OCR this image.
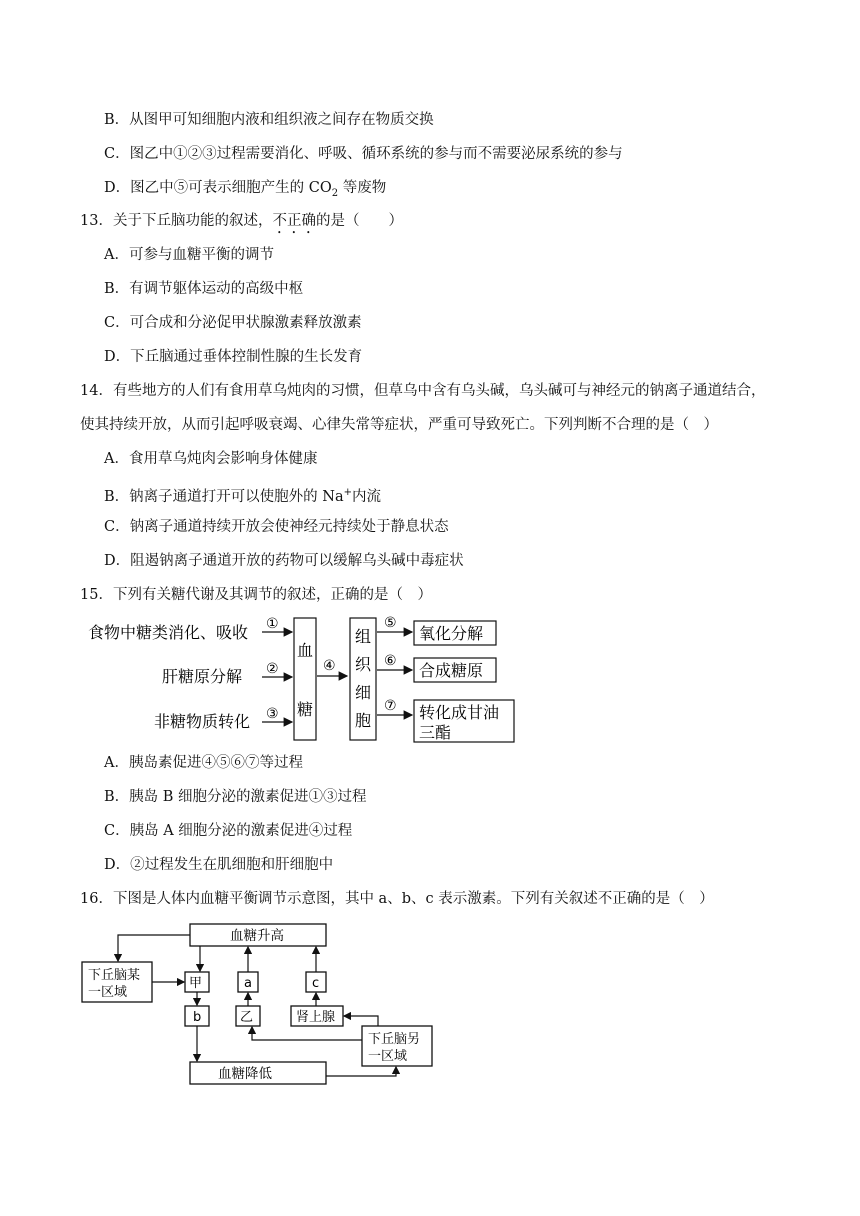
B．从图甲可知细胞内液和组织液之间存在物质交换
C．图乙中①②③过程需要消化、呼吸、循环系统的参与而不需要泌尿系统的参与
D．图乙中⑤可表示细胞产生的 $CO_2$ 等废物
13．关于下丘脑功能的叙述，不正确的是（　　）
A．可参与血糖平衡的调节
B．有调节躯体运动的高级中枢
C．可合成和分泌促甲状腺激素释放激素
D．下丘脑通过垂体控制性腺的生长发育
14．有些地方的人们有食用草乌炖肉的习惯，但草乌中含有乌头碱，乌头碱可与神经元的钠离子通道结合，
使其持续开放，从而引起呼吸衰竭、心律失常等症状，严重可导致死亡。下列判断不合理的是（　）
A．食用草乌炖肉会影响身体健康
B．钠离子通道打开可以使胞外的 Na+内流
C．钠离子通道持续开放会使神经元持续处于静息状态
D．阻遏钠离子通道开放的药物可以缓解乌头碱中毒症状
15．下列有关糖代谢及其调节的叙述，正确的是（　）
食物中糖类消化、吸收
肝糖原分解
非糖物质转化
①
②
③
血
糖
④
组
织
细
胞
⑤
⑥
⑦
氧化分解
合成糖原
转化成甘油
三酯
A．胰岛素促进④⑤⑥⑦等过程
B．胰岛 B 细胞分泌的激素促进①③过程
C．胰岛 A 细胞分泌的激素促进④过程
D．②过程发生在肌细胞和肝细胞中
16．下图是人体内血糖平衡调节示意图，其中 a、b、c 表示激素。下列有关叙述不正确的是（　）
血糖升高
血糖降低
下丘脑某
一区域
下丘脑另
一区域
甲
b
a
乙
c
肾上腺
